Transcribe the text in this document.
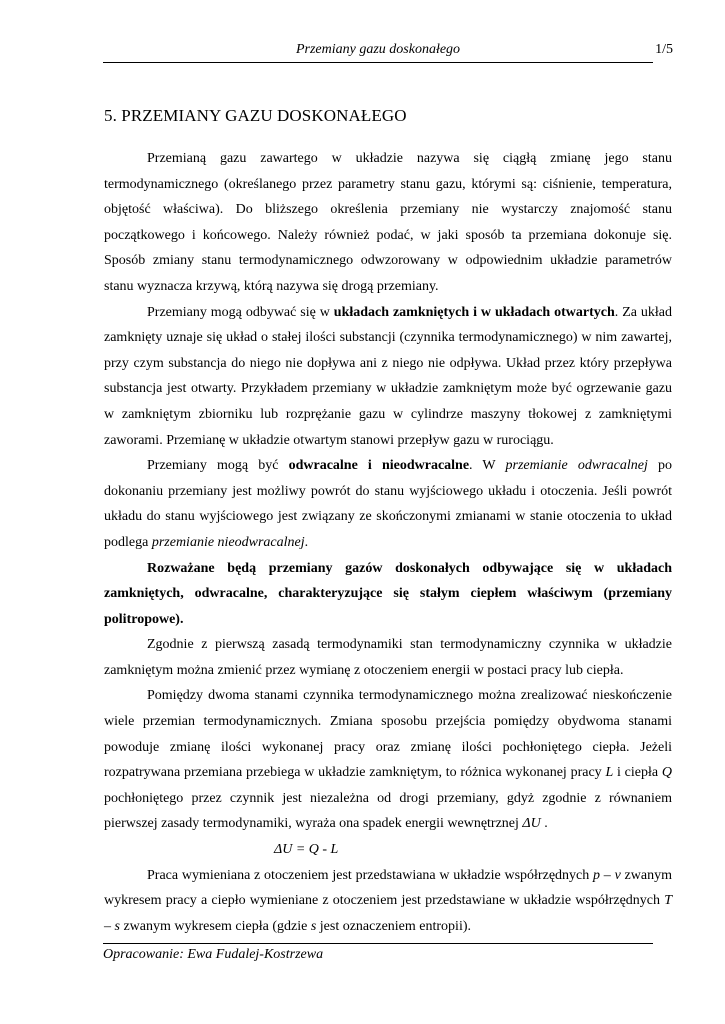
Przemiany gazu doskonałego	1/5
5. PRZEMIANY GAZU DOSKONAŁEGO

Przemianą gazu zawartego w układzie nazywa się ciągłą zmianę jego stanu termodynamicznego (określanego przez parametry stanu gazu, którymi są: ciśnienie, temperatura, objętość właściwa). Do bliższego określenia przemiany nie wystarczy znajomość stanu początkowego i końcowego. Należy również podać, w jaki sposób ta przemiana dokonuje się. Sposób zmiany stanu termodynamicznego odwzorowany w odpowiednim układzie parametrów stanu wyznacza krzywą, którą nazywa się drogą przemiany.

Przemiany mogą odbywać się w układach zamkniętych i w układach otwartych. Za układ zamknięty uznaje się układ o stałej ilości substancji (czynnika termodynamicznego) w nim zawartej, przy czym substancja do niego nie dopływa ani z niego nie odpływa. Układ przez który przepływa substancja jest otwarty. Przykładem przemiany w układzie zamkniętym może być ogrzewanie gazu w zamkniętym zbiorniku lub rozprężanie gazu w cylindrze maszyny tłokowej z zamkniętymi zaworami. Przemianę w układzie otwartym stanowi przepływ gazu w rurociągu.

Przemiany mogą być odwracalne i nieodwracalne. W przemianie odwracalnej po dokonaniu przemiany jest możliwy powrót do stanu wyjściowego układu i otoczenia. Jeśli powrót układu do stanu wyjściowego jest związany ze skończonymi zmianami w stanie otoczenia to układ podlega przemianie nieodwracalnej.

Rozważane będą przemiany gazów doskonałych odbywające się w układach zamkniętych, odwracalne, charakteryzujące się stałym ciepłem właściwym (przemiany politropowe).

Zgodnie z pierwszą zasadą termodynamiki stan termodynamiczny czynnika w układzie zamkniętym można zmienić przez wymianę z otoczeniem energii w postaci pracy lub ciepła.

Pomiędzy dwoma stanami czynnika termodynamicznego można zrealizować nieskończenie wiele przemian termodynamicznych. Zmiana sposobu przejścia pomiędzy obydwoma stanami powoduje zmianę ilości wykonanej pracy oraz zmianę ilości pochłoniętego ciepła. Jeżeli rozpatrywana przemiana przebiega w układzie zamkniętym, to różnica wykonanej pracy L i ciepła Q pochłoniętego przez czynnik jest niezależna od drogi przemiany, gdyż zgodnie z równaniem pierwszej zasady termodynamiki, wyraża ona spadek energii wewnętrznej ΔU .

ΔU = Q - L

Praca wymieniana z otoczeniem jest przedstawiana w układzie współrzędnych p – v zwanym wykresem pracy a ciepło wymieniane z otoczeniem jest przedstawiane w układzie współrzędnych T – s zwanym wykresem ciepła (gdzie s jest oznaczeniem entropii).

Opracowanie: Ewa Fudalej-Kostrzewa
